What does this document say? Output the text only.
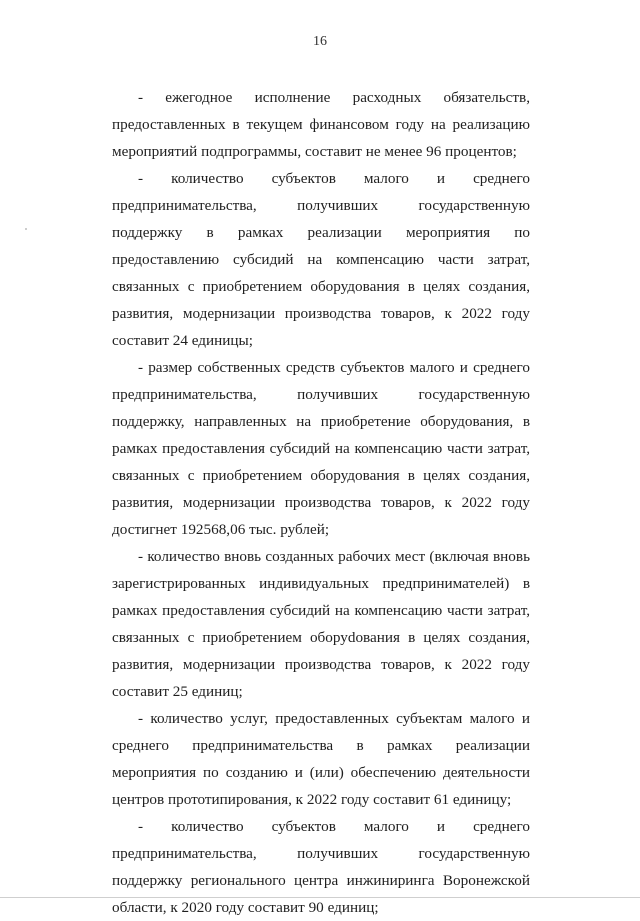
16

- ежегодное исполнение расходных обязательств, предоставленных в текущем финансовом году на реализацию мероприятий подпрограммы, составит не менее 96 процентов;

- количество субъектов малого и среднего предпринимательства, получивших государственную поддержку в рамках реализации мероприятия по предоставлению субсидий на компенсацию части затрат, связанных с приобретением оборудования в целях создания, развития, модернизации производства товаров, к 2022 году составит 24 единицы;

- размер собственных средств субъектов малого и среднего предпринимательства, получивших государственную поддержку, направленных на приобретение оборудования, в рамках предоставления субсидий на компенсацию части затрат, связанных с приобретением оборудования в целях создания, развития, модернизации производства товаров, к 2022 году достигнет 192568,06 тыс. рублей;

- количество вновь созданных рабочих мест (включая вновь зарегистрированных индивидуальных предпринимателей) в рамках предоставления субсидий на компенсацию части затрат, связанных с приобретением оборуdования в целях создания, развития, модернизации производства товаров, к 2022 году составит 25 единиц;

- количество услуг, предоставленных субъектам малого и среднего предпринимательства в рамках реализации мероприятия по созданию и (или) обеспечению деятельности центров прототипирования, к 2022 году составит 61 единицу;

- количество субъектов малого и среднего предпринимательства, получивших государственную поддержку регионального центра инжиниринга Воронежской области, к 2020 году составит 90 единиц;
